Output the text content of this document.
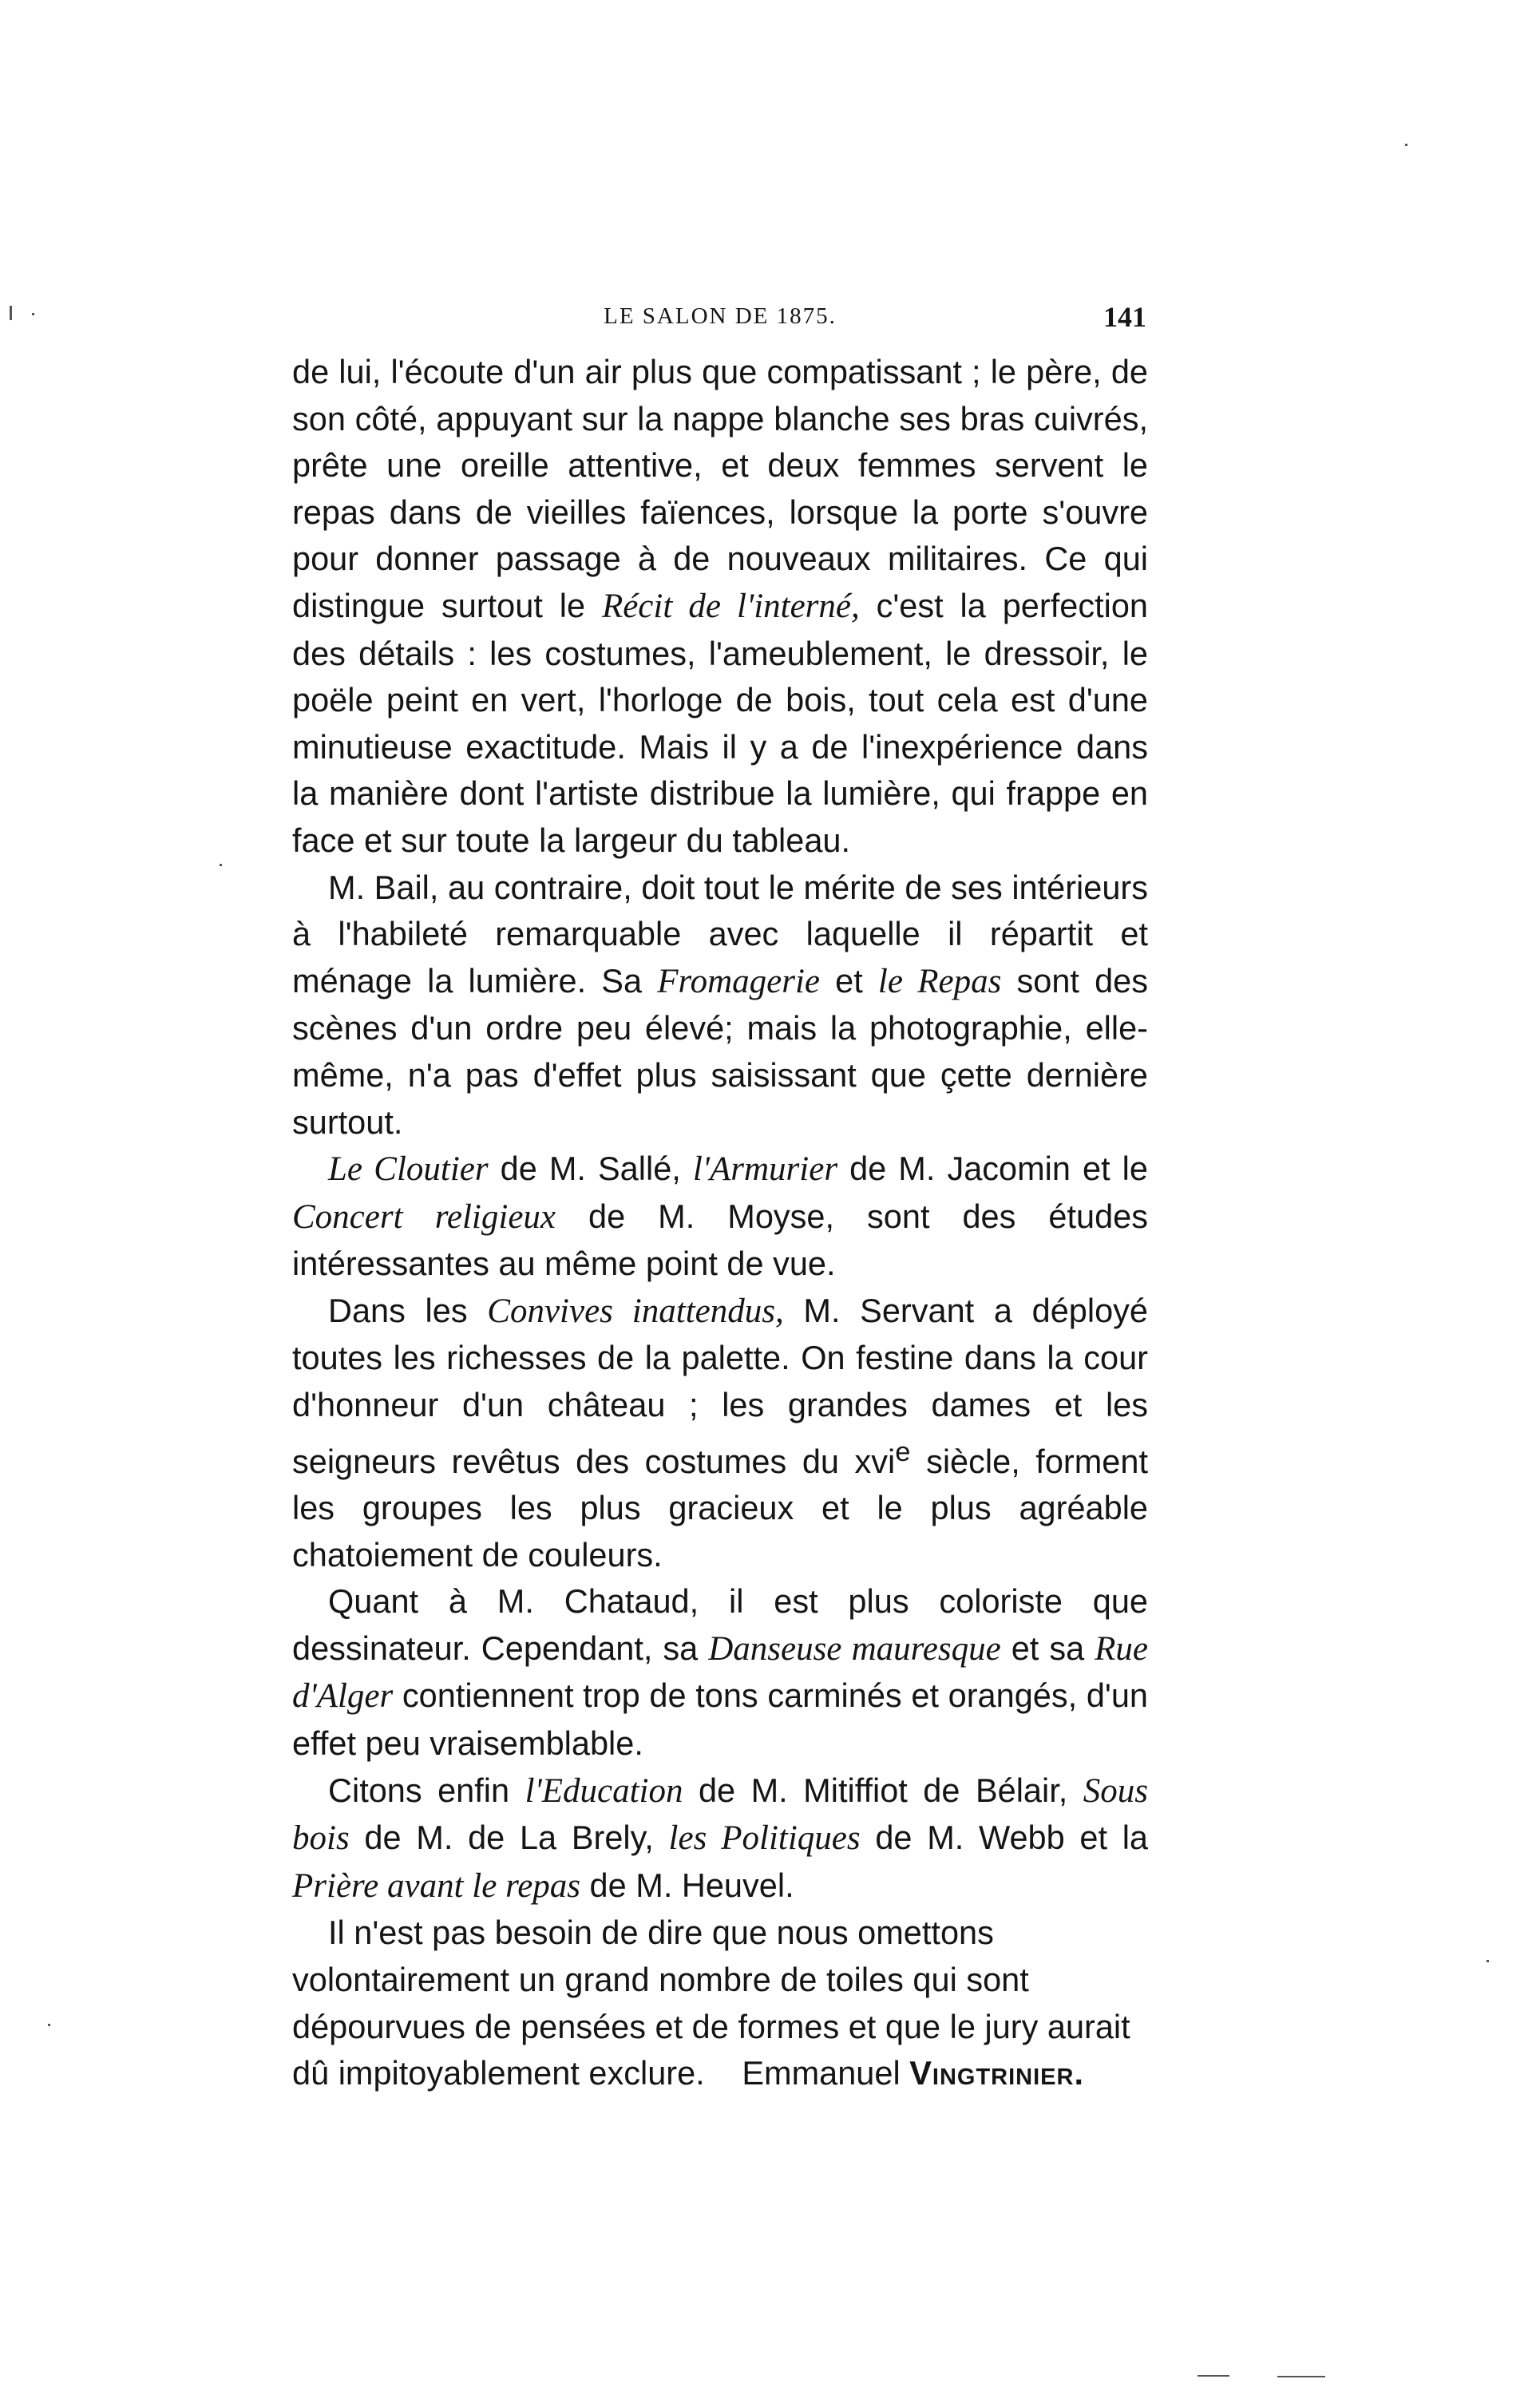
LE SALON DE 1875.	141

de lui, l'écoute d'un air plus que compatissant ; le père, de son côté, appuyant sur la nappe blanche ses bras cuivrés, prête une oreille attentive, et deux femmes servent le repas dans de vieilles faïences, lorsque la porte s'ouvre pour donner passage à de nouveaux militaires. Ce qui distingue surtout le Récit de l'interné, c'est la perfection des détails : les costumes, l'ameublement, le dressoir, le poële peint en vert, l'horloge de bois, tout cela est d'une minutieuse exactitude. Mais il y a de l'inexpérience dans la manière dont l'artiste distribue la lumière, qui frappe en face et sur toute la largeur du tableau.

M. Bail, au contraire, doit tout le mérite de ses intérieurs à l'habileté remarquable avec laquelle il répartit et ménage la lumière. Sa Fromagerie et le Repas sont des scènes d'un ordre peu élevé; mais la photographie, elle-même, n'a pas d'effet plus saisissant que çette dernière surtout.

Le Cloutier de M. Sallé, l'Armurier de M. Jacomin et le Concert religieux de M. Moyse, sont des études intéressantes au même point de vue.

Dans les Convives inattendus, M. Servant a déployé toutes les richesses de la palette. On festine dans la cour d'honneur d'un château ; les grandes dames et les seigneurs revêtus des costumes du xvi$^e$ siècle, forment les groupes les plus gracieux et le plus agréable chatoiement de couleurs.

Quant à M. Chataud, il est plus coloriste que dessinateur. Cependant, sa Danseuse mauresque et sa Rue d'Alger contiennent trop de tons carminés et orangés, d'un effet peu vraisemblable.

Citons enfin l'Education de M. Mitiffiot de Bélair, Sous bois de M. de La Brely, les Politiques de M. Webb et la Prière avant le repas de M. Heuvel.

Il n'est pas besoin de dire que nous omettons volontairement un grand nombre de toiles qui sont dépourvues de pensées et de formes et que le jury aurait dû impitoyablement exclure. Emmanuel Vingtrinier.
